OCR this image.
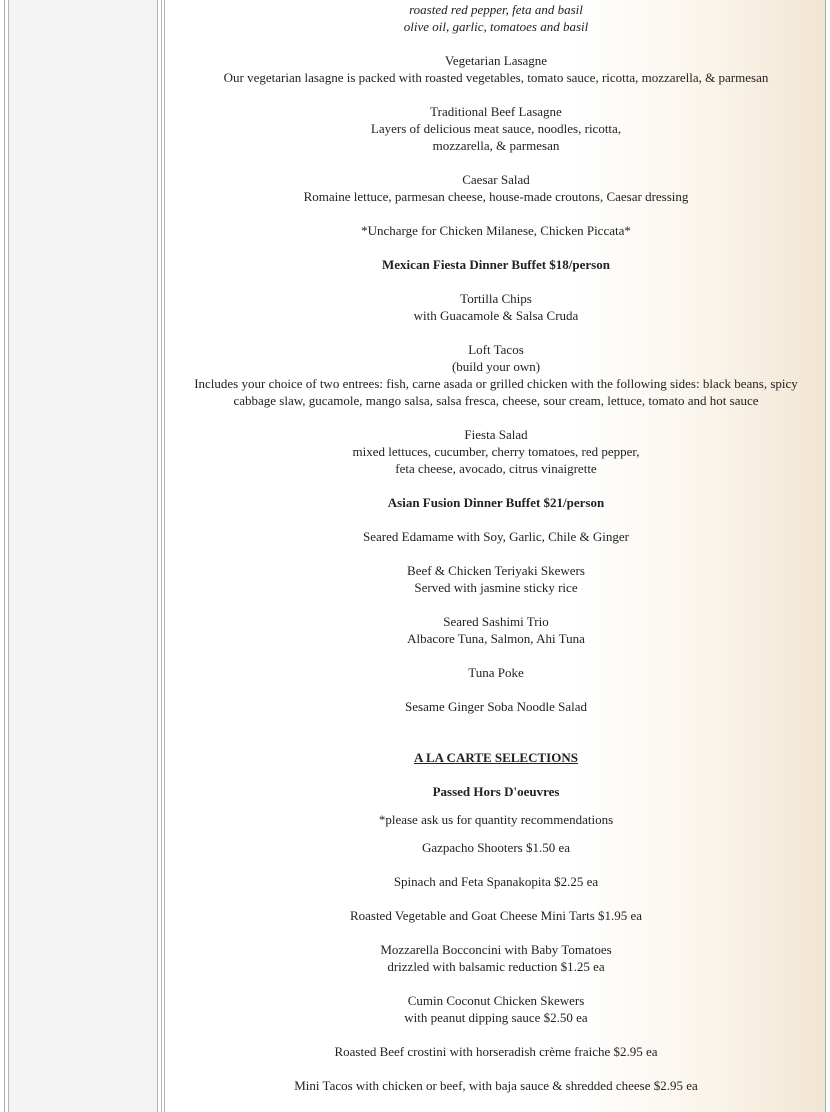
roasted red pepper, feta and basil
olive oil, garlic, tomatoes and basil

Vegetarian Lasagne
Our vegetarian lasagne is packed with roasted vegetables, tomato sauce, ricotta, mozzarella, & parmesan

Traditional Beef Lasagne
Layers of delicious meat sauce, noodles, ricotta,
mozzarella, & parmesan

Caesar Salad
Romaine lettuce, parmesan cheese, house-made croutons, Caesar dressing

*Uncharge for Chicken Milanese, Chicken Piccata*

Mexican Fiesta Dinner Buffet $18/person

Tortilla Chips
with Guacamole & Salsa Cruda

Loft Tacos
(build your own)
Includes your choice of two entrees: fish, carne asada or grilled chicken with the following sides: black beans, spicy cabbage slaw, gucamole, mango salsa, salsa fresca, cheese, sour cream, lettuce, tomato and hot sauce

Fiesta Salad
mixed lettuces, cucumber, cherry tomatoes, red pepper,
feta cheese, avocado, citrus vinaigrette

Asian Fusion Dinner Buffet $21/person

Seared Edamame with Soy, Garlic, Chile & Ginger

Beef & Chicken Teriyaki Skewers
Served with jasmine sticky rice

Seared Sashimi Trio
Albacore Tuna, Salmon, Ahi Tuna

Tuna Poke

Sesame Ginger Soba Noodle Salad

A LA CARTE SELECTIONS

Passed Hors D'oeuvres

*please ask us for quantity recommendations

Gazpacho Shooters $1.50 ea

Spinach and Feta Spanakopita $2.25 ea

Roasted Vegetable and Goat Cheese Mini Tarts $1.95 ea

Mozzarella Bocconcini with Baby Tomatoes
drizzled with balsamic reduction $1.25 ea

Cumin Coconut Chicken Skewers
with peanut dipping sauce $2.50 ea

Roasted Beef crostini with horseradish crème fraiche $2.95 ea

Mini Tacos with chicken or beef, with baja sauce & shredded cheese $2.95 ea
